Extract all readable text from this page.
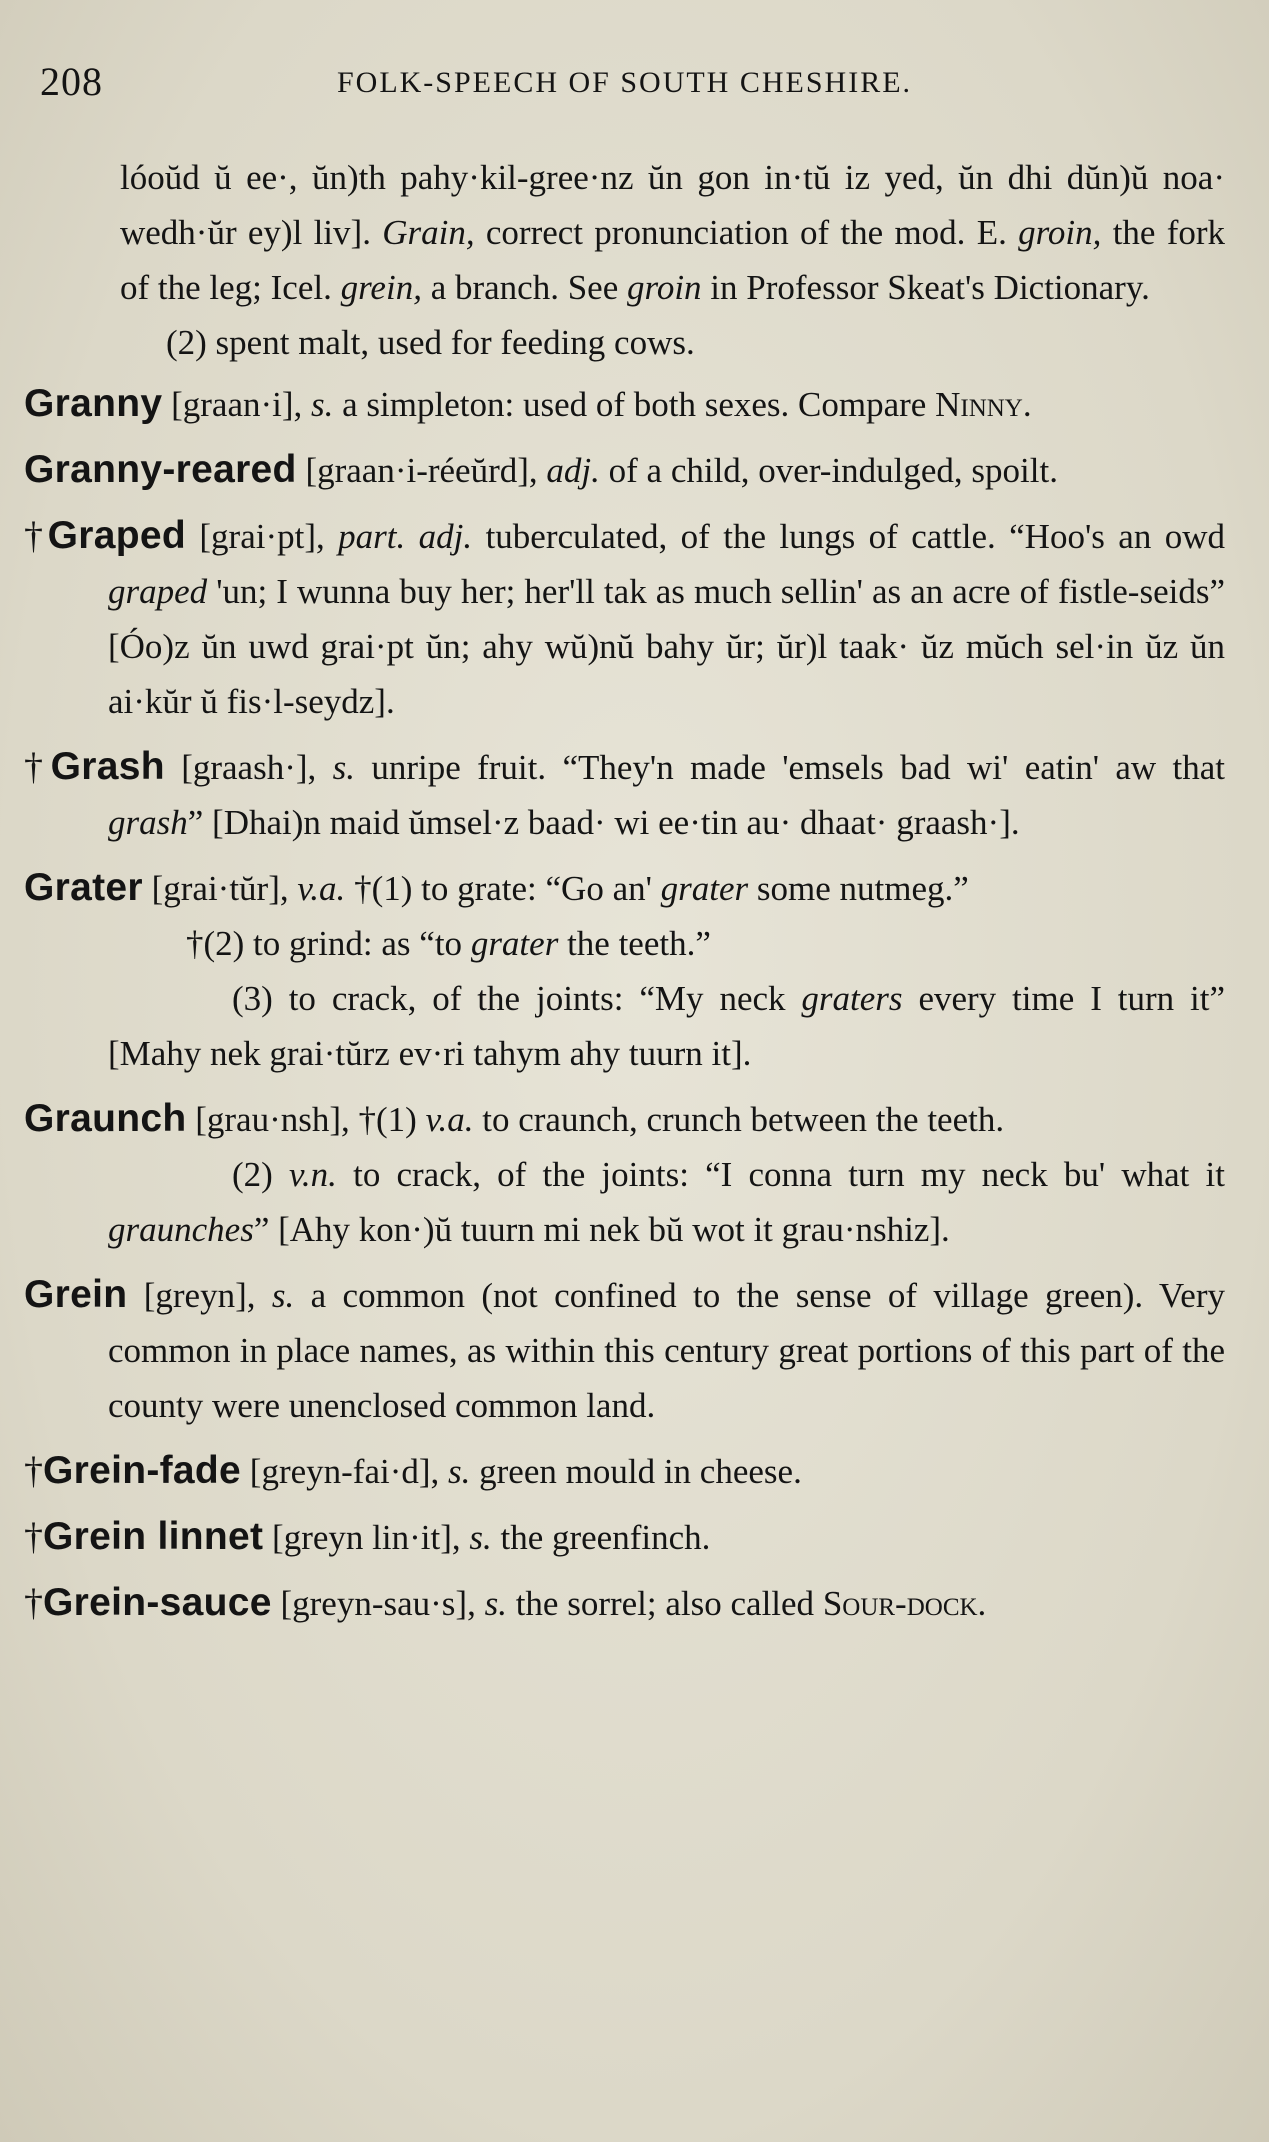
208	FOLK-SPEECH OF SOUTH CHESHIRE.

lóoŭd ŭ ee·, ŭn)th pahy·kil-gree·nz ŭn gon in·tŭ iz yed, ŭn dhi dŭn)ŭ noa· wedh·ŭr ey)l liv]. Grain, correct pronunciation of the mod. E. groin, the fork of the leg; Icel. grein, a branch. See groin in Professor Skeat's Dictionary.

(2) spent malt, used for feeding cows.

Granny [graan·i], s. a simpleton: used of both sexes. Compare Ninny.

Granny-reared [graan·i-réeŭrd], adj. of a child, over-indulged, spoilt.

†Graped [grai·pt], part. adj. tuberculated, of the lungs of cattle. “Hoo's an owd graped 'un; I wunna buy her; her'll tak as much sellin' as an acre of fistle-seids” [Óo)z ŭn uwd grai·pt ŭn; ahy wŭ)nŭ bahy ŭr; ŭr)l taak· ŭz mŭch sel·in ŭz ŭn ai·kŭr ŭ fis·l-seydz].

†Grash [graash·], s. unripe fruit. “They'n made 'emsels bad wi' eatin' aw that grash” [Dhai)n maid ŭmsel·z baad· wi ee·tin au· dhaat· graash·].

Grater [grai·tŭr], v.a. †(1) to grate: “Go an' grater some nutmeg.”

†(2) to grind: as “to grater the teeth.”

(3) to crack, of the joints: “My neck graters every time I turn it” [Mahy nek grai·tŭrz ev·ri tahym ahy tuurn it].

Graunch [grau·nsh], †(1) v.a. to craunch, crunch between the teeth.

(2) v.n. to crack, of the joints: “I conna turn my neck bu' what it graunches” [Ahy kon·)ŭ tuurn mi nek bŭ wot it grau·nshiz].

Grein [greyn], s. a common (not confined to the sense of village green). Very common in place names, as within this century great portions of this part of the county were unenclosed common land.

†Grein-fade [greyn-fai·d], s. green mould in cheese.

†Grein linnet [greyn lin·it], s. the greenfinch.

†Grein-sauce [greyn-sau·s], s. the sorrel; also called Sour-dock.
